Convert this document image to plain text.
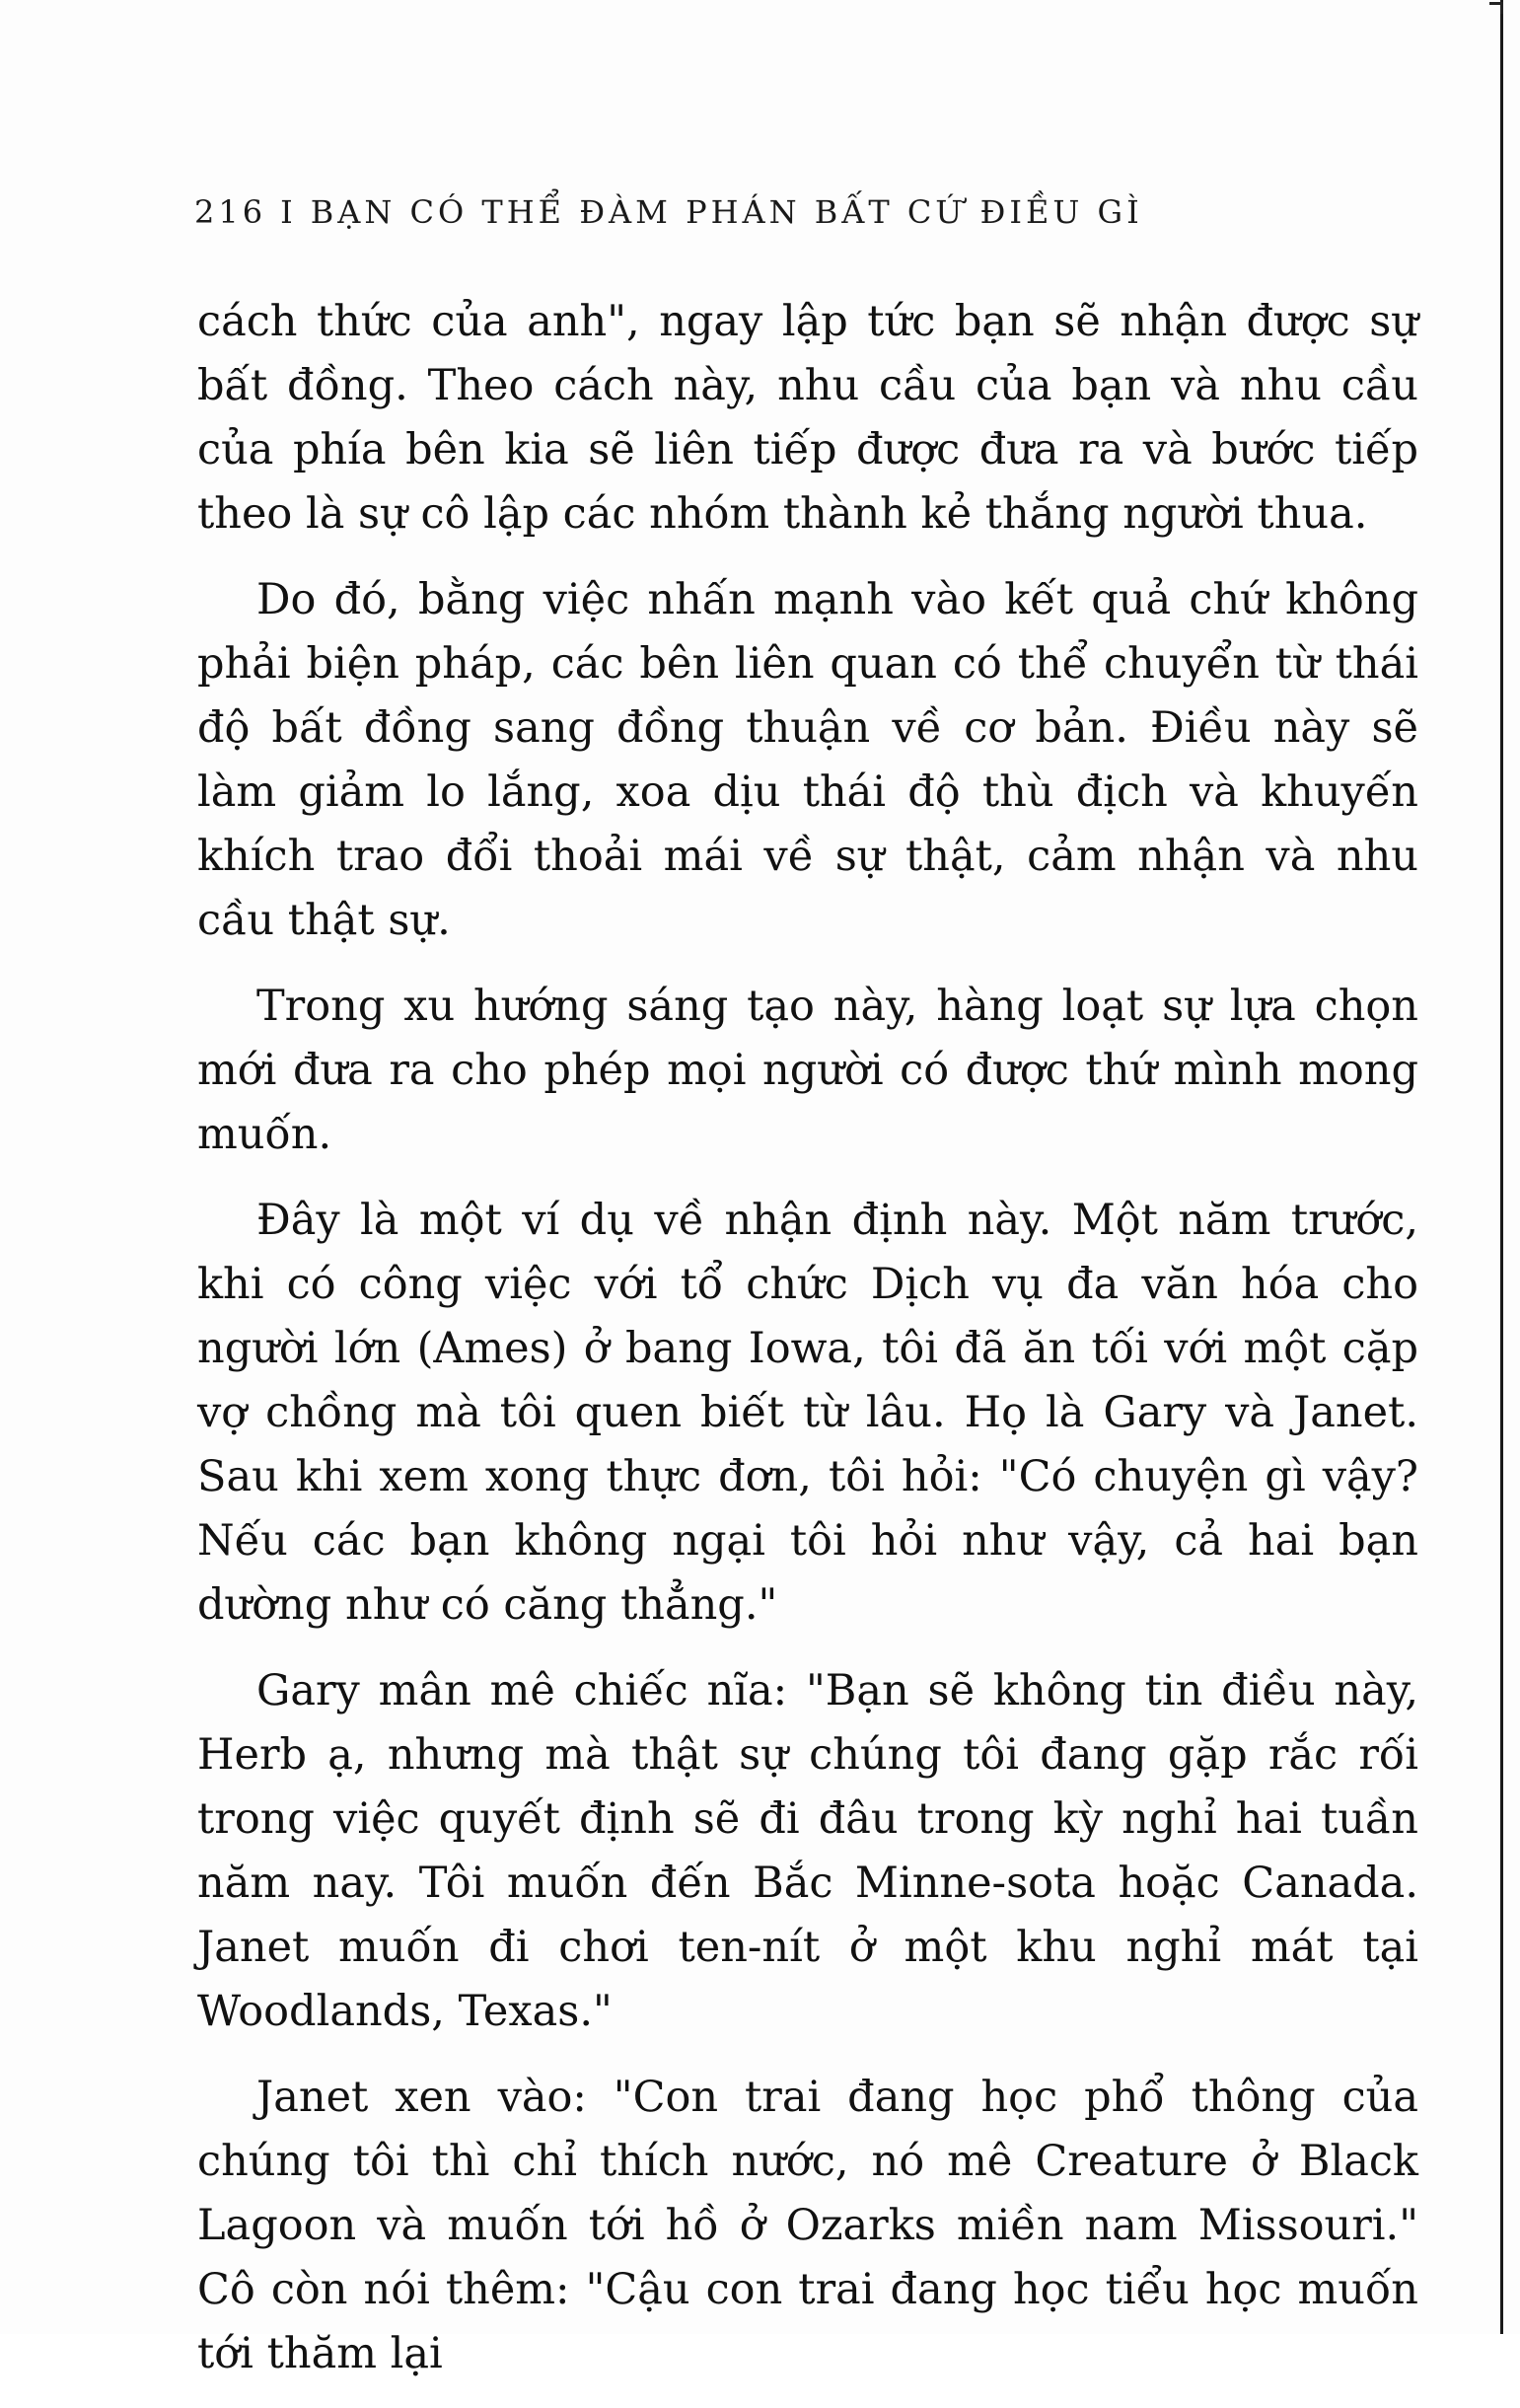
216 I BẠN CÓ THỂ ĐÀM PHÁN BẤT CỨ ĐIỀU GÌ

cách thức của anh", ngay lập tức bạn sẽ nhận được sự bất đồng. Theo cách này, nhu cầu của bạn và nhu cầu của phía bên kia sẽ liên tiếp được đưa ra và bước tiếp theo là sự cô lập các nhóm thành kẻ thắng người thua.

Do đó, bằng việc nhấn mạnh vào kết quả chứ không phải biện pháp, các bên liên quan có thể chuyển từ thái độ bất đồng sang đồng thuận về cơ bản. Điều này sẽ làm giảm lo lắng, xoa dịu thái độ thù địch và khuyến khích trao đổi thoải mái về sự thật, cảm nhận và nhu cầu thật sự.

Trong xu hướng sáng tạo này, hàng loạt sự lựa chọn mới đưa ra cho phép mọi người có được thứ mình mong muốn.

Đây là một ví dụ về nhận định này. Một năm trước, khi có công việc với tổ chức Dịch vụ đa văn hóa cho người lớn (Ames) ở bang Iowa, tôi đã ăn tối với một cặp vợ chồng mà tôi quen biết từ lâu. Họ là Gary và Janet. Sau khi xem xong thực đơn, tôi hỏi: "Có chuyện gì vậy? Nếu các bạn không ngại tôi hỏi như vậy, cả hai bạn dường như có căng thẳng."

Gary mân mê chiếc nĩa: "Bạn sẽ không tin điều này, Herb ạ, nhưng mà thật sự chúng tôi đang gặp rắc rối trong việc quyết định sẽ đi đâu trong kỳ nghỉ hai tuần năm nay. Tôi muốn đến Bắc Minne-sota hoặc Canada. Janet muốn đi chơi ten-nít ở một khu nghỉ mát tại Woodlands, Texas."

Janet xen vào: "Con trai đang học phổ thông của chúng tôi thì chỉ thích nước, nó mê Creature ở Black Lagoon và muốn tới hồ ở Ozarks miền nam Missouri." Cô còn nói thêm: "Cậu con trai đang học tiểu học muốn tới thăm lại
